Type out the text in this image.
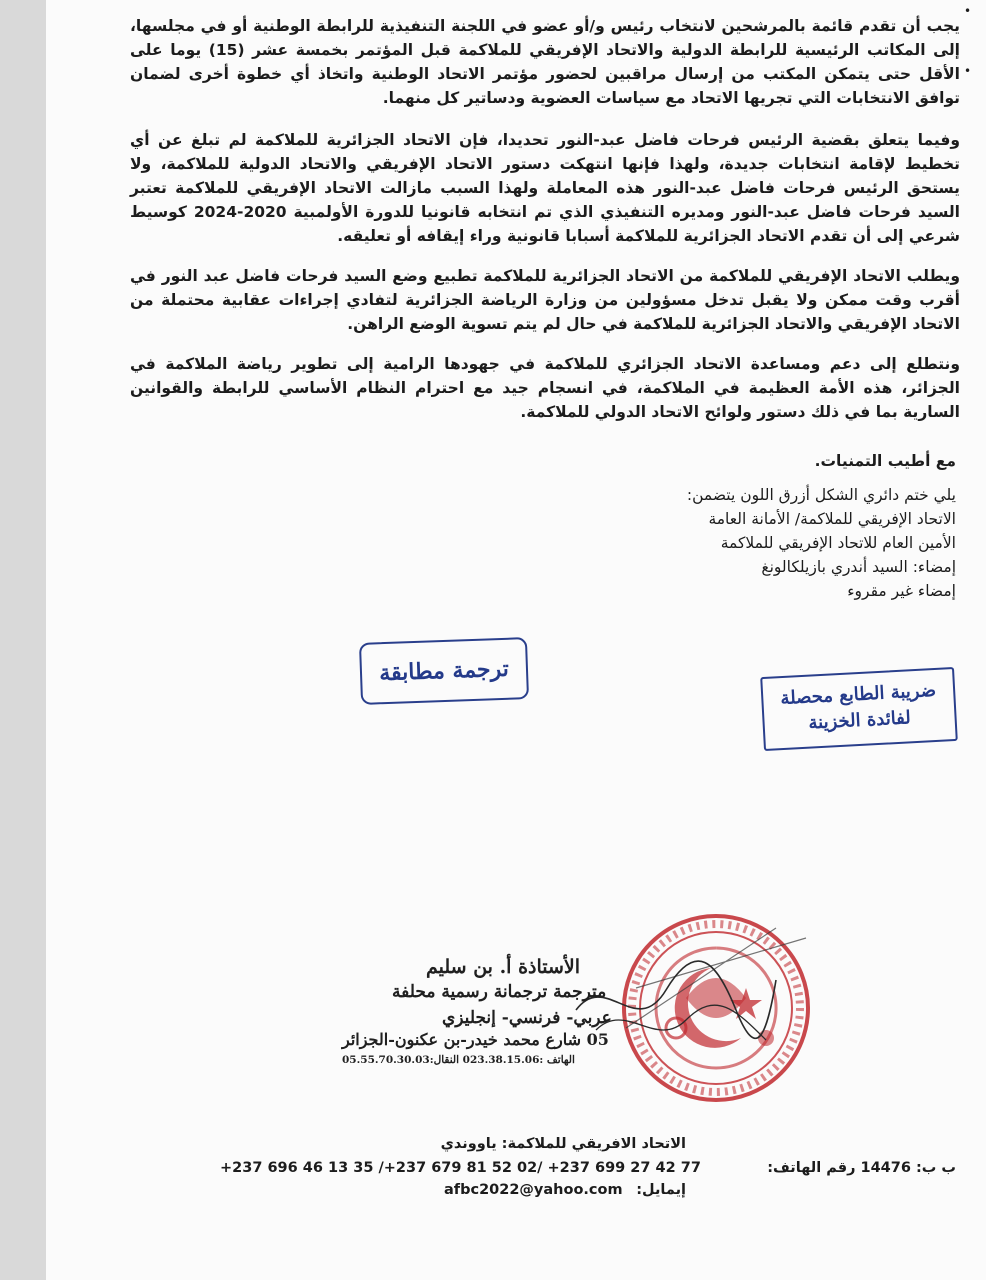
•
•

يجب أن تقدم قائمة بالمرشحين لانتخاب رئيس و/أو عضو في اللجنة التنفيذية للرابطة الوطنية أو في مجلسها، إلى المكاتب الرئيسية للرابطة الدولية والاتحاد الإفريقي للملاكمة قبل المؤتمر بخمسة عشر (15) يوما على الأقل حتى يتمكن المكتب من إرسال مراقبين لحضور مؤتمر الاتحاد الوطنية واتخاذ أي خطوة أخرى لضمان توافق الانتخابات التي تجريها الاتحاد مع سياسات العضوية ودساتير كل منهما.

وفيما يتعلق بقضية الرئيس فرحات فاضل عبد-النور تحديدا، فإن الاتحاد الجزائرية للملاكمة لم تبلغ عن أي تخطيط لإقامة انتخابات جديدة، ولهذا فإنها انتهكت دستور الاتحاد الإفريقي والاتحاد الدولية للملاكمة، ولا يستحق الرئيس فرحات فاضل عبد-النور هذه المعاملة ولهذا السبب مازالت الاتحاد الإفريقي للملاكمة تعتبر السيد فرحات فاضل عبد-النور ومديره التنفيذي الذي تم انتخابه قانونيا للدورة الأولمبية 2020-2024 كوسيط شرعي إلى أن تقدم الاتحاد الجزائرية للملاكمة أسبابا قانونية وراء إيقافه أو تعليقه.

ويطلب الاتحاد الإفريقي للملاكمة من الاتحاد الجزائرية للملاكمة تطبيع وضع السيد فرحات فاضل عبد النور في أقرب وقت ممكن ولا يقبل تدخل مسؤولين من وزارة الرياضة الجزائرية لتفادي إجراءات عقابية محتملة من الاتحاد الإفريقي والاتحاد الجزائرية للملاكمة في حال لم يتم تسوية الوضع الراهن.

ونتطلع إلى دعم ومساعدة الاتحاد الجزائري للملاكمة في جهودها الرامية إلى تطوير رياضة الملاكمة في الجزائر، هذه الأمة العظيمة في الملاكمة، في انسجام جيد مع احترام النظام الأساسي للرابطة والقوانين السارية بما في ذلك دستور ولوائح الاتحاد الدولي للملاكمة.

مع أطيب التمنيات.

يلي ختم دائري الشكل أزرق اللون يتضمن:

الاتحاد الإفريقي للملاكمة/ الأمانة العامة

الأمين العام للاتحاد الإفريقي للملاكمة

إمضاء: السيد أندري بازيلكالونغ

إمضاء غير مقروء

ترجمة مطابقة
ضريبة الطابع محصلة
لفائدة الخزينة
الأستاذة أ. بن سليم
مترجمة ترجمانة رسمية محلفة
عربي- فرنسي- إنجليزي
05 شارع محمد خيدر-بن عكنون-الجزائر
الهاتف :023.38.15.06 النقال:05.55.70.30.03

الاتحاد الافريقي للملاكمة: ياووندي

ب ب: 14476 رقم الهاتف:

+237 696 46 13 35 /+237 679 81 52 02/ +237 699 27 42 77

إيمايل:

afbc2022@yahoo.com
